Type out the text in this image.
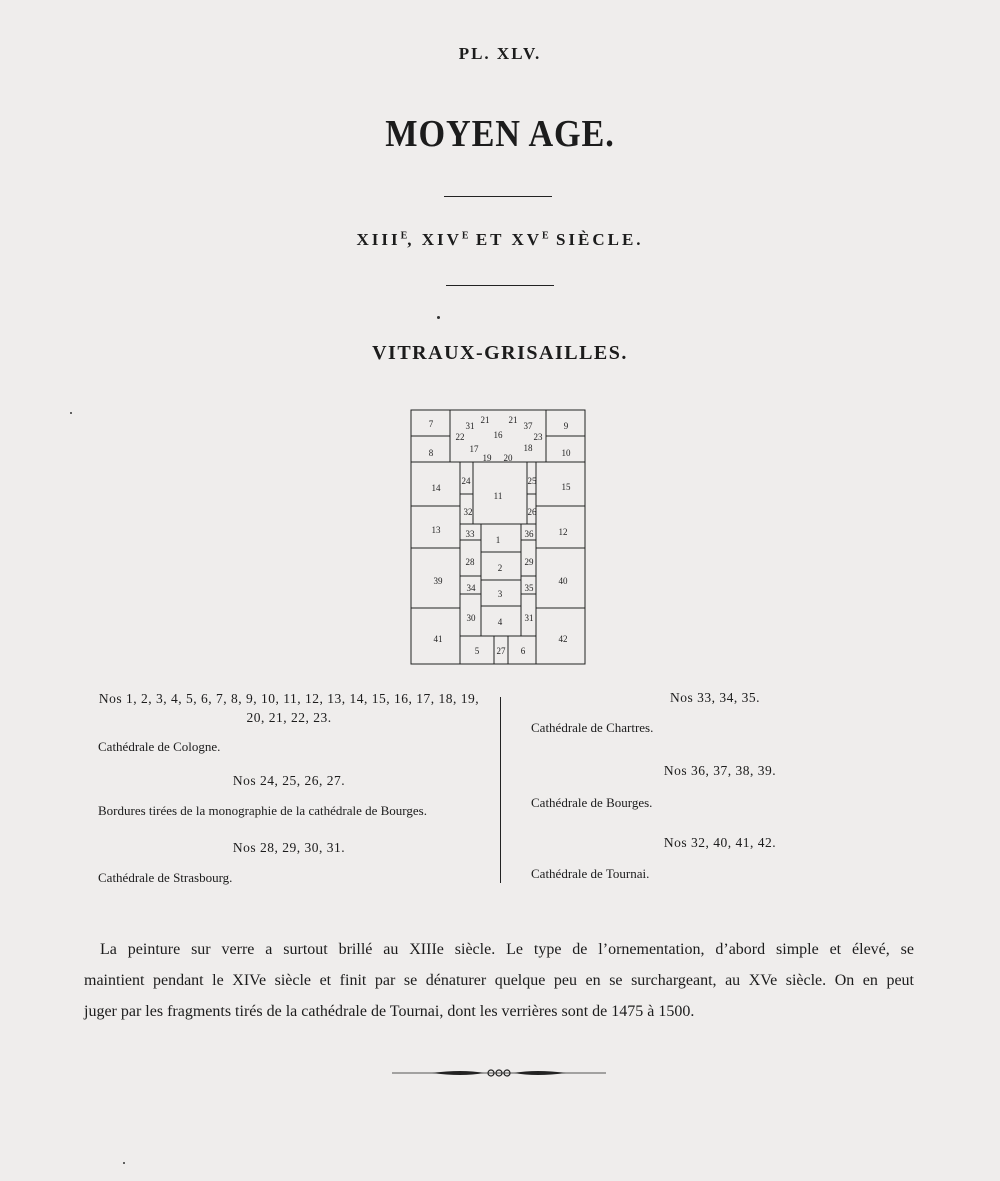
PL. XLV.
MOYEN AGE.
$XIII^E$, $XIV^E$ ET $XV^E$ SIÈCLE.
VITRAUX-GRISAILLES.
7
8
9
10
31
21 21
37
22	16	23
17	18
19 20
14
24
11
25
15
32	26
13	33
1
36	12
28
2
29
39
34
3
35
40
30 4 31
41
5 27 6
42
Nos 1, 2, 3, 4, 5, 6, 7, 8, 9, 10, 11, 12, 13, 14, 15, 16, 17, 18, 19,
20, 21, 22, 23.
Cathédrale de Cologne.
Nos 24, 25, 26, 27.
Bordures tirées de la monographie de la cathédrale de Bourges.
Nos 28, 29, 30, 31.
Cathédrale de Strasbourg.
Nos 33, 34, 35.
Cathédrale de Chartres.
Nos 36, 37, 38, 39.
Cathédrale de Bourges.
Nos 32, 40, 41, 42.
Cathédrale de Tournai.
La peinture sur verre a surtout brillé au XIIIe siècle. Le type de l’ornementation, d’abord simple et élevé, se
maintient pendant le XIVe siècle et finit par se dénaturer quelque peu en se surchargeant, au XVe siècle. On en peut
juger par les fragments tirés de la cathédrale de Tournai, dont les verrières sont de 1475 à 1500.
